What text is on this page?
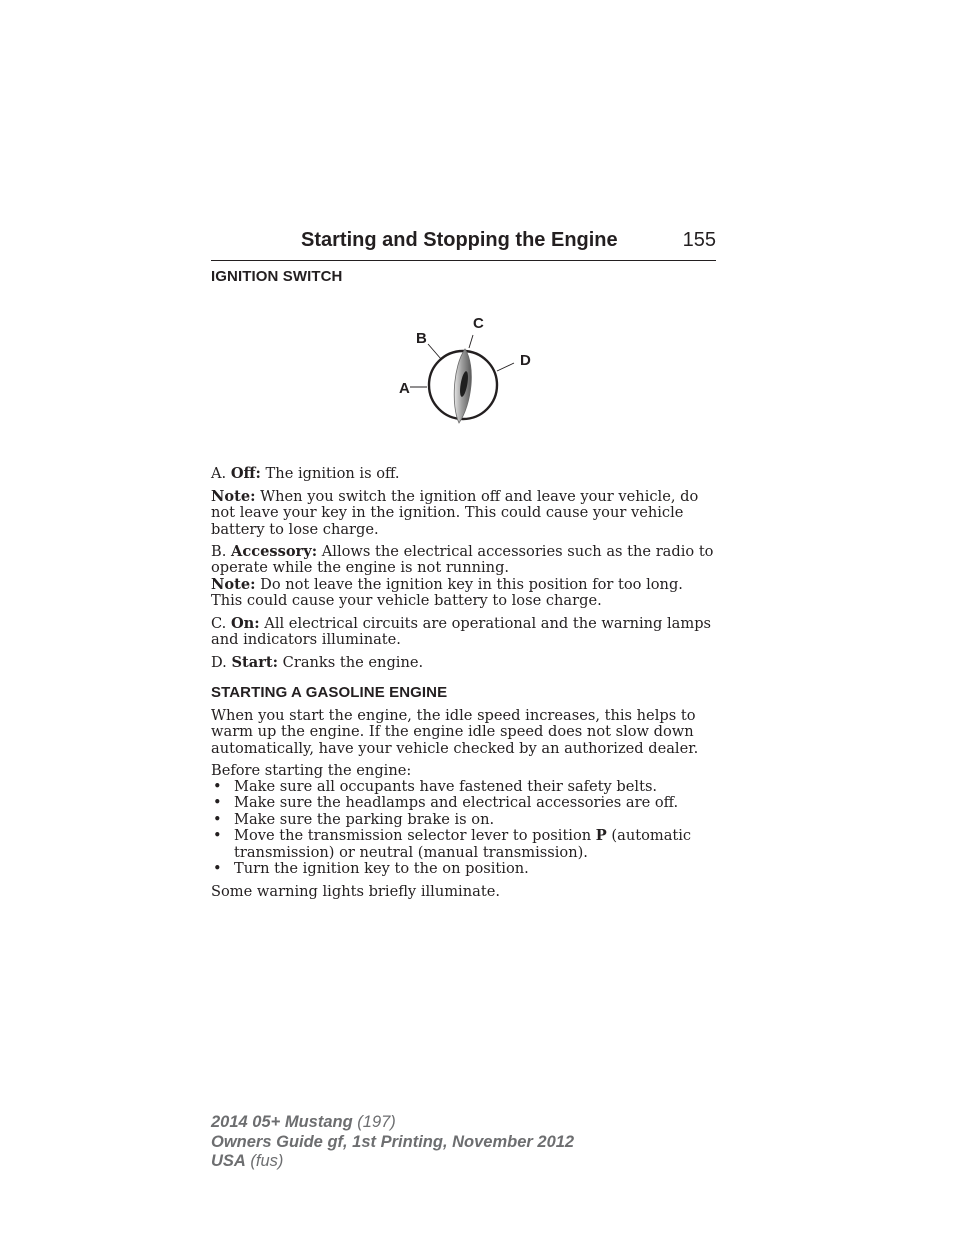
Starting and Stopping the Engine	155
IGNITION SWITCH
A
B
C
D
A. Off: The ignition is off.
Note: When you switch the ignition off and leave your vehicle, do not leave your key in the ignition. This could cause your vehicle battery to lose charge.
B. Accessory: Allows the electrical accessories such as the radio to operate while the engine is not running.
Note: Do not leave the ignition key in this position for too long. This could cause your vehicle battery to lose charge.
C. On: All electrical circuits are operational and the warning lamps and indicators illuminate.
D. Start: Cranks the engine.
STARTING A GASOLINE ENGINE
When you start the engine, the idle speed increases, this helps to warm up the engine. If the engine idle speed does not slow down automatically, have your vehicle checked by an authorized dealer.
Before starting the engine:
• Make sure all occupants have fastened their safety belts.
• Make sure the headlamps and electrical accessories are off.
• Make sure the parking brake is on.
• Move the transmission selector lever to position P (automatic transmission) or neutral (manual transmission).
• Turn the ignition key to the on position.
Some warning lights briefly illuminate.
2014 05+ Mustang (197)
Owners Guide gf, 1st Printing, November 2012
USA (fus)
